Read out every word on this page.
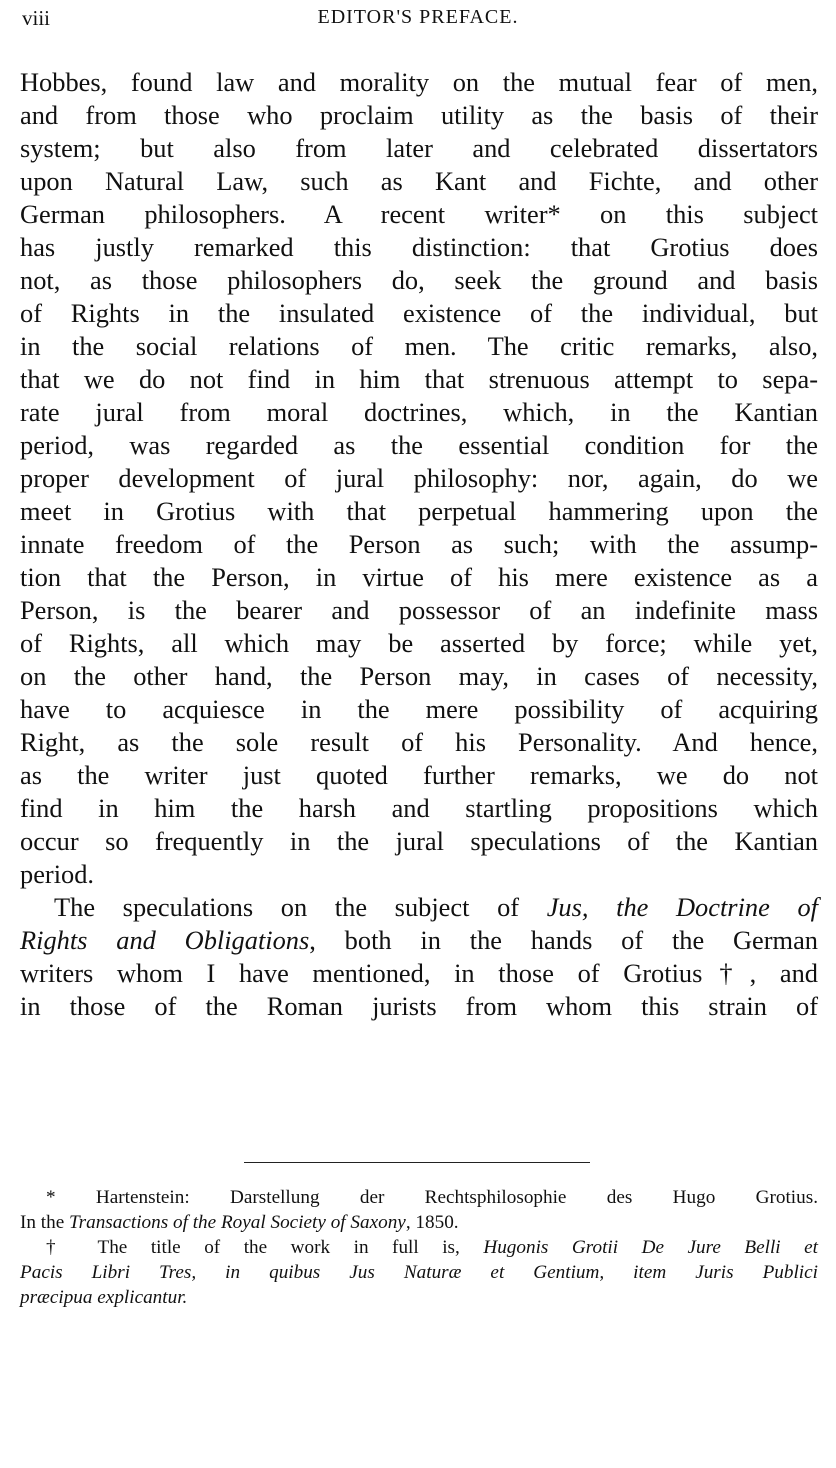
viii	EDITOR'S PREFACE.
Hobbes, found law and morality on the mutual fear of men,
and from those who proclaim utility as the basis of their
system; but also from later and celebrated dissertators
upon Natural Law, such as Kant and Fichte, and other
German philosophers. A recent writer* on this subject
has justly remarked this distinction: that Grotius does
not, as those philosophers do, seek the ground and basis
of Rights in the insulated existence of the individual, but
in the social relations of men. The critic remarks, also,
that we do not find in him that strenuous attempt to sepa-
rate jural from moral doctrines, which, in the Kantian
period, was regarded as the essential condition for the
proper development of jural philosophy: nor, again, do we
meet in Grotius with that perpetual hammering upon the
innate freedom of the Person as such; with the assump-
tion that the Person, in virtue of his mere existence as a
Person, is the bearer and possessor of an indefinite mass
of Rights, all which may be asserted by force; while yet,
on the other hand, the Person may, in cases of necessity,
have to acquiesce in the mere possibility of acquiring
Right, as the sole result of his Personality. And hence,
as the writer just quoted further remarks, we do not
find in him the harsh and startling propositions which
occur so frequently in the jural speculations of the Kantian
period.
The speculations on the subject of Jus, the Doctrine of
Rights and Obligations, both in the hands of the German
writers whom I have mentioned, in those of Grotius†, and
in those of the Roman jurists from whom this strain of
* Hartenstein: Darstellung der Rechtsphilosophie des Hugo Grotius.
In the Transactions of the Royal Society of Saxony, 1850.
† The title of the work in full is, Hugonis Grotii De Jure Belli et
Pacis Libri Tres, in quibus Jus Naturæ et Gentium, item Juris Publici
præcipua explicantur.
